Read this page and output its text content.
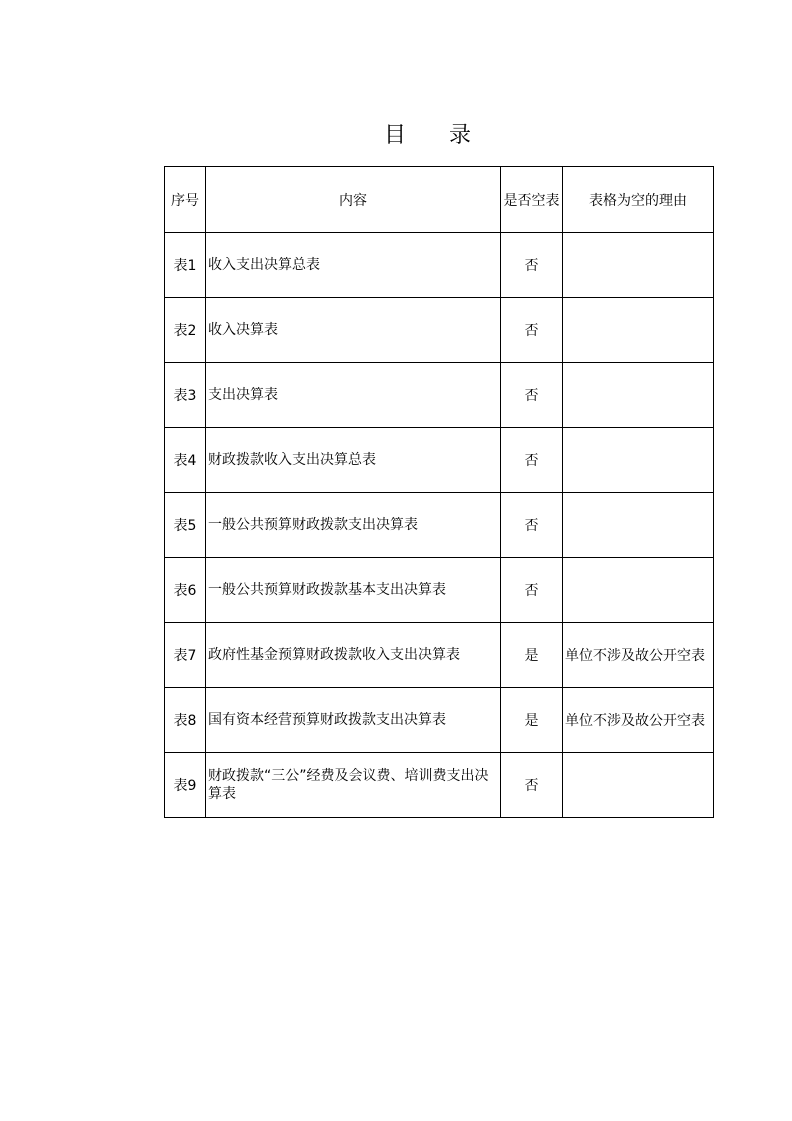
目 录
序号	内容	是否空表	表格为空的理由
表1	收入支出决算总表	否	
表2	收入决算表	否	
表3	支出决算表	否	
表4	财政拨款收入支出决算总表	否	
表5	一般公共预算财政拨款支出决算表	否	
表6	一般公共预算财政拨款基本支出决算表	否	
表7	政府性基金预算财政拨款收入支出决算表	是	单位不涉及故公开空表
表8	国有资本经营预算财政拨款支出决算表	是	单位不涉及故公开空表
表9	财政拨款“三公”经费及会议费、培训费支出决算表	否	
